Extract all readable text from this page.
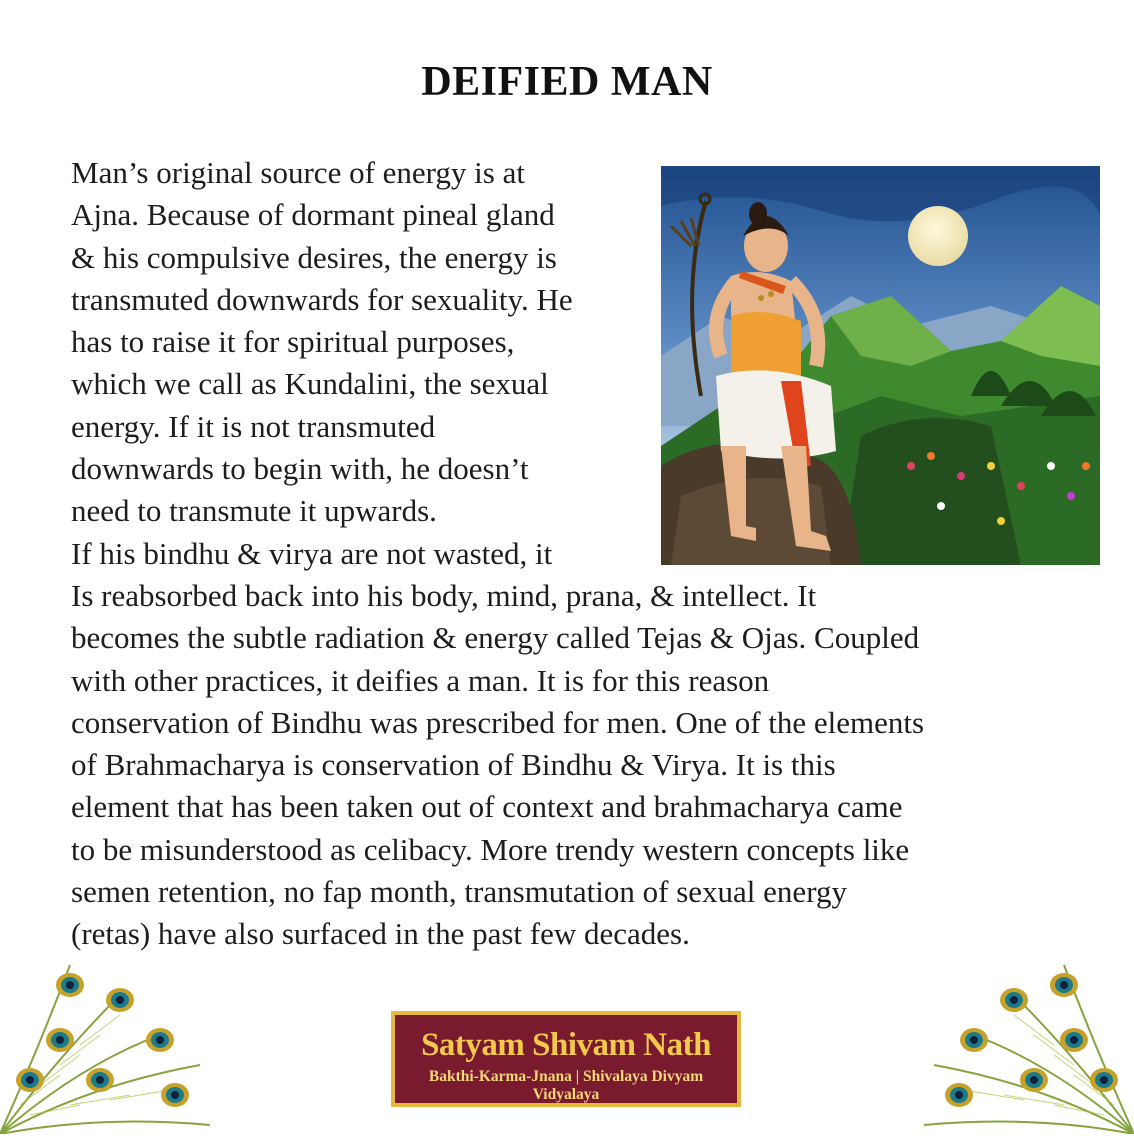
DEIFIED MAN
Man’s original source of energy is at
Ajna. Because of dormant pineal gland
& his compulsive desires, the energy is
transmuted downwards for sexuality. He
has to raise it for spiritual purposes,
which we call as Kundalini, the sexual
energy. If it is not transmuted
downwards to begin with, he doesn’t
need to transmute it upwards.
If his bindhu & virya are not wasted, it
Is reabsorbed back into his body, mind, prana, & intellect. It
becomes the subtle radiation & energy called Tejas & Ojas. Coupled
with other practices, it deifies a man. It is for this reason
conservation of Bindhu was prescribed for men. One of the elements
of Brahmacharya is conservation of Bindhu & Virya. It is this
element that has been taken out of context and brahmacharya came
to be misunderstood as celibacy. More trendy western concepts like
semen retention, no fap month, transmutation of sexual energy
(retas) have also surfaced in the past few decades.
Satyam Shivam Nath
Bakthi-Karma-Jnana | Shivalaya Divyam Vidyalaya
